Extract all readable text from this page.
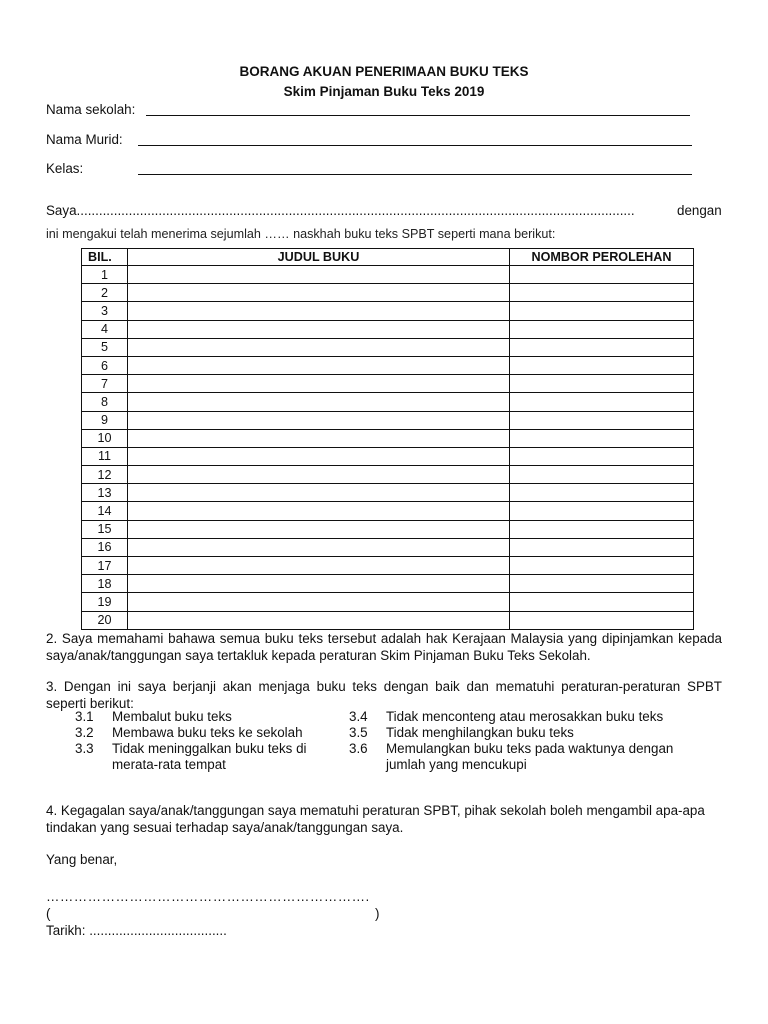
BORANG AKUAN PENERIMAAN BUKU TEKS
Skim Pinjaman Buku Teks 2019
Nama sekolah:
Nama Murid:
Kelas:
Saya......................................................................................................................................................	dengan
ini mengakui telah menerima sejumlah …… naskhah buku teks SPBT seperti mana berikut:
BIL.	JUDUL BUKU	NOMBOR PEROLEHAN
1		
2		
3		
4		
5		
6		
7		
8		
9		
10		
11		
12		
13		
14		
15		
16		
17		
18		
19		
20		
2. Saya memahami bahawa semua buku teks tersebut adalah hak Kerajaan Malaysia yang dipinjamkan kepada saya/anak/tanggungan saya tertakluk kepada peraturan Skim Pinjaman Buku Teks Sekolah.
3. Dengan ini saya berjanji akan menjaga buku teks dengan baik dan mematuhi peraturan-peraturan SPBT seperti berikut:
3.1 Membalut buku teks
3.2 Membawa buku teks ke sekolah
3.3 Tidak meninggalkan buku teks di merata-rata tempat
3.4 Tidak menconteng atau merosakkan buku teks
3.5 Tidak menghilangkan buku teks
3.6 Memulangkan buku teks pada waktunya dengan jumlah yang mencukupi
4. Kegagalan saya/anak/tanggungan saya mematuhi peraturan SPBT, pihak sekolah boleh mengambil apa-apa tindakan yang sesuai terhadap saya/anak/tanggungan saya.
Yang benar,
…………………………………………………………….
(	)
Tarikh: .....................................
